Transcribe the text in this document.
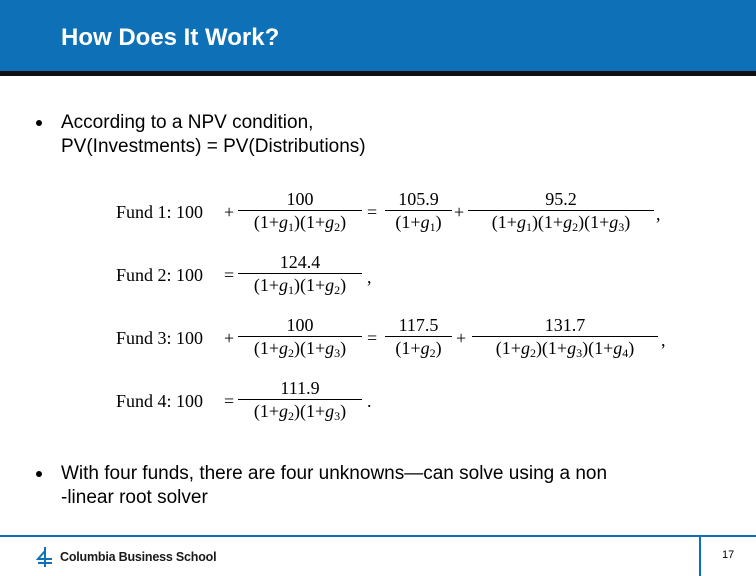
How Does It Work?
According to a NPV condition,
PV(Investments) = PV(Distributions)
Fund 1: 100 +
100
$(1+g_1)(1+g_2)$
=
105.9
$(1+g_1)$
+
95.2
$(1+g_1)(1+g_2)(1+g_3)$	,
Fund 2: 100 =
124.4
$(1+g_1)(1+g_2)$	,
Fund 3: 100 +
100
$(1+g_2)(1+g_3)$
=
117.5
$(1+g_2)$
+
131.7
$(1+g_2)(1+g_3)(1+g_4)$	,
Fund 4: 100 =
111.9
$(1+g_2)(1+g_3)$
.
With four funds, there are four unknowns—can solve using a non
-linear root solver
Columbia Business School	17
